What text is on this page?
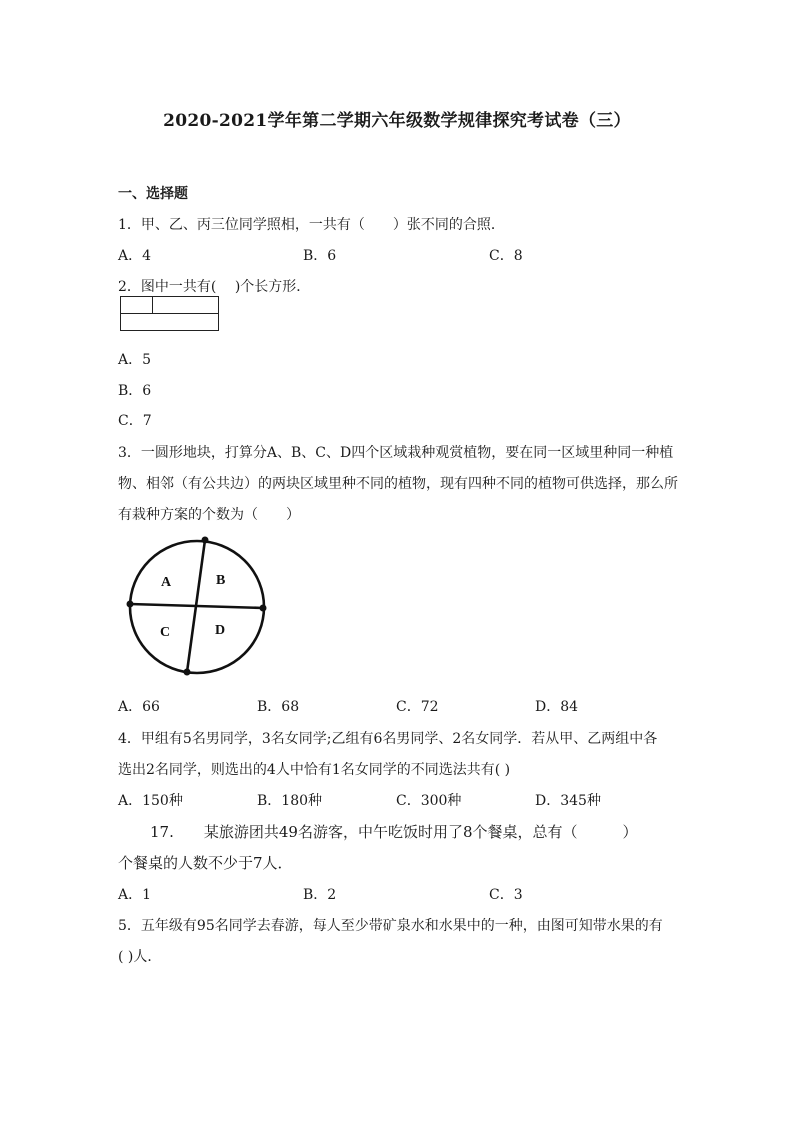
2020-2021学年第二学期六年级数学规律探究考试卷（三）
一、选择题
1．甲、乙、丙三位同学照相，一共有（　　）张不同的合照．
A．4	B．6	C．8
2．图中一共有(　 )个长方形．
A．5
B．6
C．7
3．一圆形地块，打算分A、B、C、D四个区域栽种观赏植物，要在同一区域里种同一种植
物、相邻（有公共边）的两块区域里种不同的植物，现有四种不同的植物可供选择，那么所
有栽种方案的个数为（　　）
A	B
C	D
A．66	B．68	C．72	D．84
4．甲组有5名男同学，3名女同学;乙组有6名男同学、2名女同学．若从甲、乙两组中各
选出2名同学，则选出的4人中恰有1名女同学的不同选法共有( )
A．150种	B．180种	C．300种	D．345种
17.　　某旅游团共49名游客，中午吃饭时用了8个餐桌，总有（　　　）
个餐桌的人数不少于7人．
A．1	B．2	C．3
5．五年级有95名同学去春游，每人至少带矿泉水和水果中的一种，由图可知带水果的有
( )人．
